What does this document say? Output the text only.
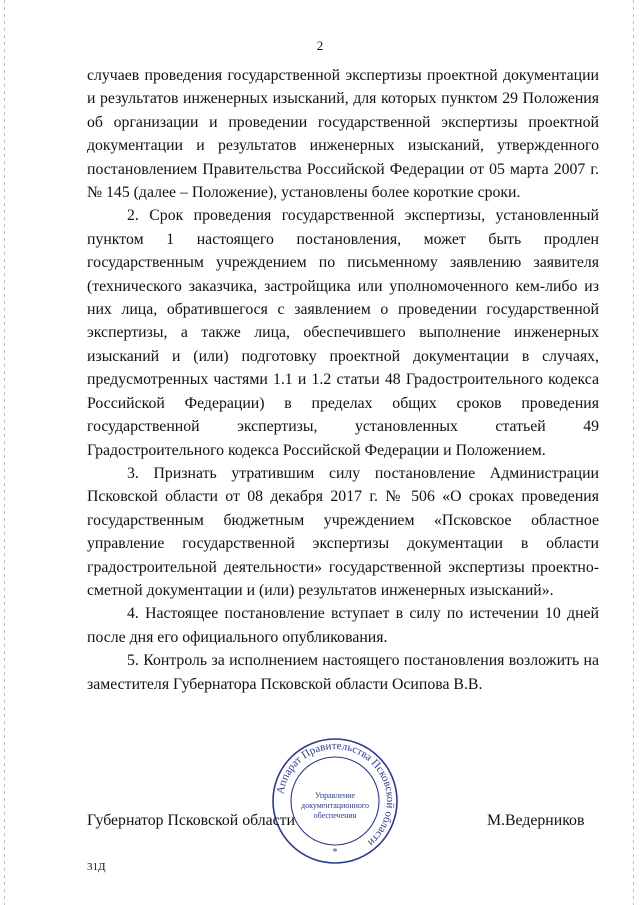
2

случаев проведения государственной экспертизы проектной документации и результатов инженерных изысканий, для которых пунктом 29 Положения об организации и проведении государственной экспертизы проектной документации и результатов инженерных изысканий, утвержденного постановлением Правительства Российской Федерации от 05 марта 2007 г. № 145 (далее – Положение), установлены более короткие сроки.

2. Срок проведения государственной экспертизы, установленный пунктом 1 настоящего постановления, может быть продлен государственным учреждением по письменному заявлению заявителя (технического заказчика, застройщика или уполномоченного кем-либо из них лица, обратившегося с заявлением о проведении государственной экспертизы, а также лица, обеспечившего выполнение инженерных изысканий и (или) подготовку проектной документации в случаях, предусмотренных частями 1.1 и 1.2 статьи 48 Градостроительного кодекса Российской Федерации) в пределах общих сроков проведения государственной экспертизы, установленных статьей 49 Градостроительного кодекса Российской Федерации и Положением.

3. Признать утратившим силу постановление Администрации Псковской области от 08 декабря 2017 г. № 506 «О сроках проведения государственным бюджетным учреждением «Псковское областное управление государственной экспертизы документации в области градостроительной деятельности» государственной экспертизы проектно-сметной документации и (или) результатов инженерных изысканий».

4. Настоящее постановление вступает в силу по истечении 10 дней после дня его официального опубликования.

5. Контроль за исполнением настоящего постановления возложить на заместителя Губернатора Псковской области Осипова В.В.

Аппарат Правительства Псковской области
Управление
документационного
обеспечения
*
Губернатор Псковской области	М.Ведерников
31Д
